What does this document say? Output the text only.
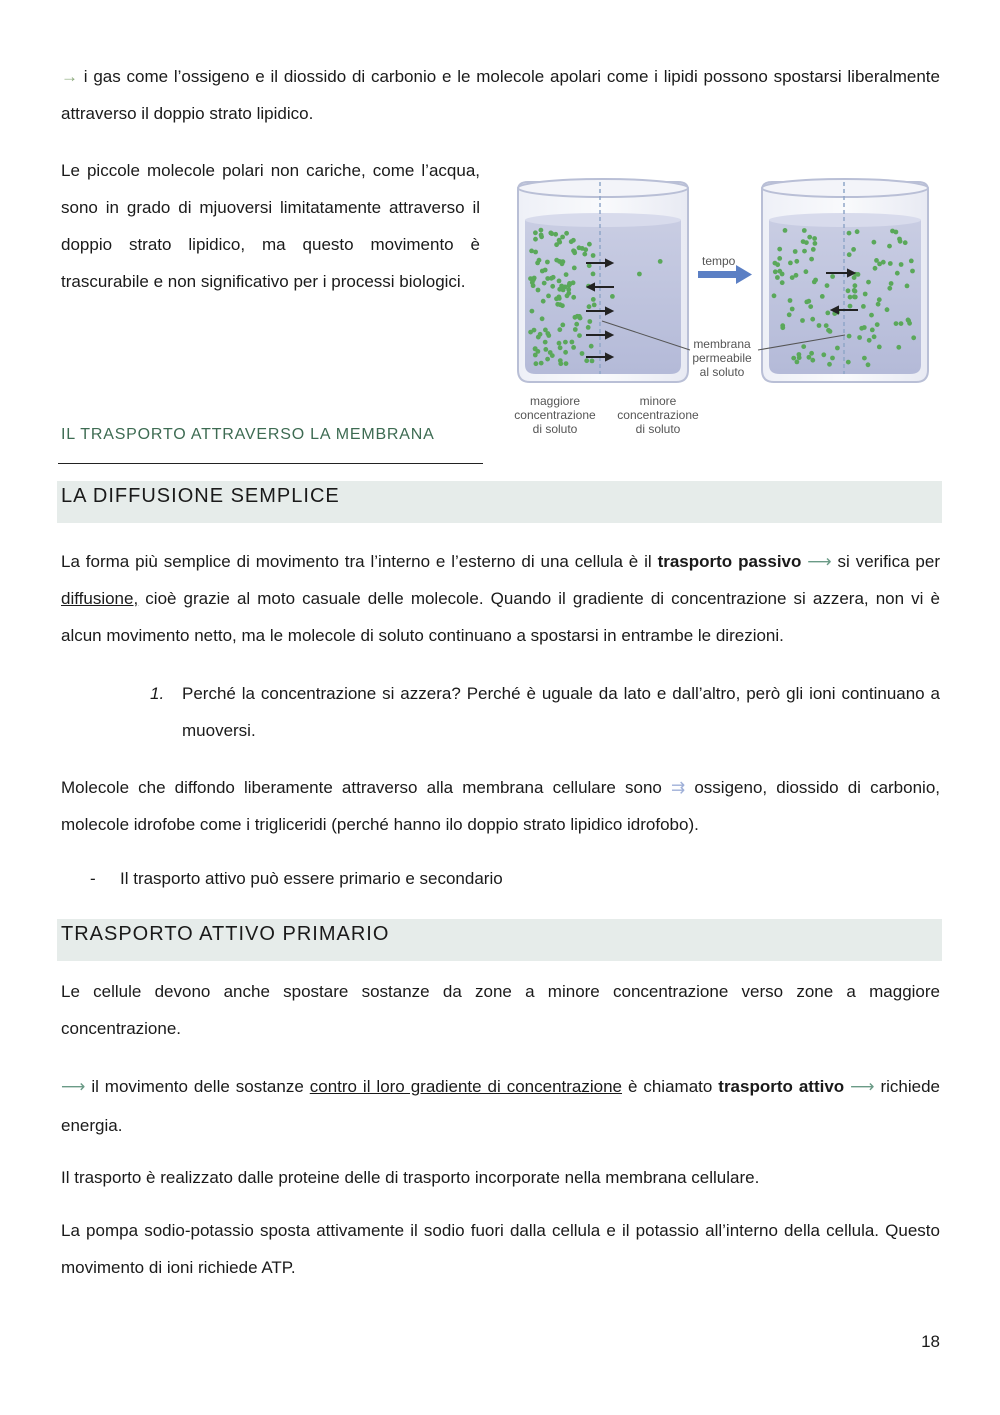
→ i gas come l’ossigeno e il diossido di carbonio e le molecole apolari come i lipidi possono spostarsi liberalmente attraverso il doppio strato lipidico.

Le piccole molecole polari non cariche, come l’acqua, sono in grado di mjuoversi limitatamente attraverso il doppio strato lipidico, ma questo movimento è trascurabile e non significativo per i processi biologici.

tempo
membrana
permeabile
al soluto
maggiore
concentrazione
di soluto
minore
concentrazione
di soluto
IL TRASPORTO ATTRAVERSO LA MEMBRANA
LA DIFFUSIONE SEMPLICE

La forma più semplice di movimento tra l’interno e l’esterno di una cellula è il trasporto passivo ⟶ si verifica per diffusione, cioè grazie al moto casuale delle molecole. Quando il gradiente di concentrazione si azzera, non vi è alcun movimento netto, ma le molecole di soluto continuano a spostarsi in entrambe le direzioni.

1. Perché la concentrazione si azzera? Perché è uguale da lato e dall’altro, però gli ioni continuano a muoversi.

Molecole che diffondo liberamente attraverso alla membrana cellulare sono ⇉ ossigeno, diossido di carbonio, molecole idrofobe come i trigliceridi (perché hanno ilo doppio strato lipidico idrofobo).

- Il trasporto attivo può essere primario e secondario
TRASPORTO ATTIVO PRIMARIO

Le cellule devono anche spostare sostanze da zone a minore concentrazione verso zone a maggiore concentrazione.

⟶ il movimento delle sostanze contro il loro gradiente di concentrazione è chiamato trasporto attivo ⟶ richiede energia.

Il trasporto è realizzato dalle proteine delle di trasporto incorporate nella membrana cellulare.

La pompa sodio-potassio sposta attivamente il sodio fuori dalla cellula e il potassio all’interno della cellula. Questo movimento di ioni richiede ATP.

18
